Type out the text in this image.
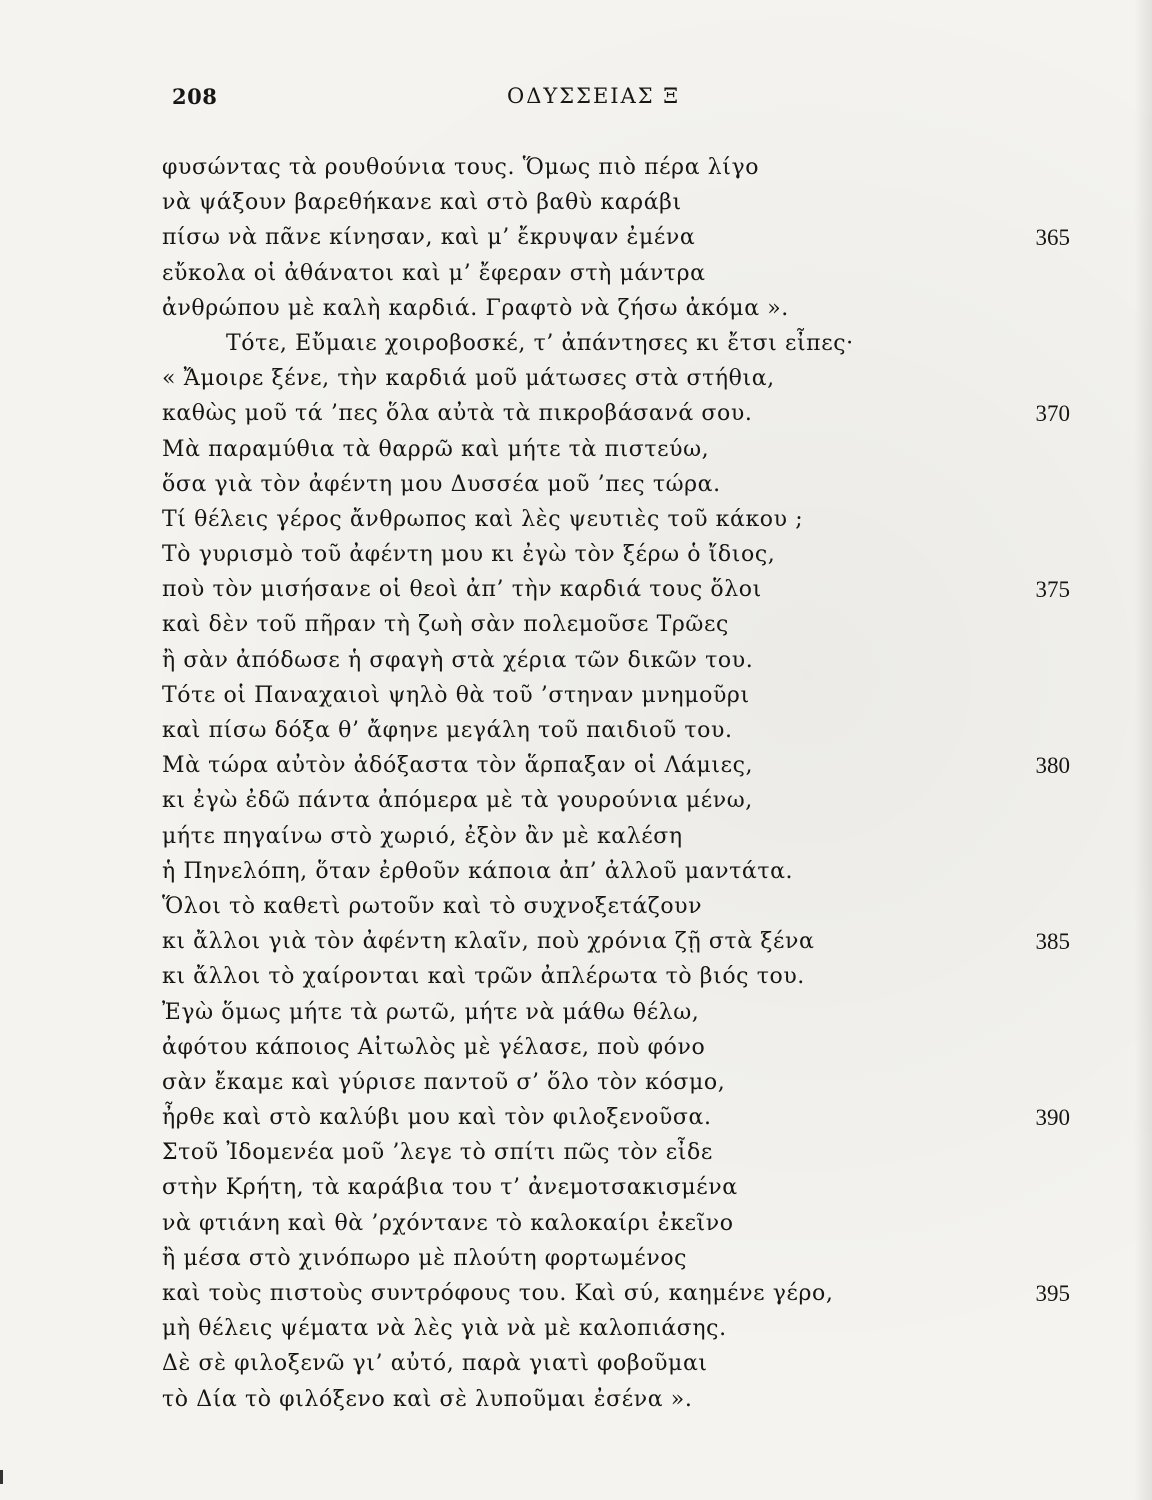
208	ΟΔΥΣΣΕΙΑΣ Ξ
φυσώντας τὰ ρουθούνια τους. Ὅμως πιὸ πέρα λίγο
νὰ ψάξουν βαρεθήκανε καὶ στὸ βαθὺ καράβι
πίσω νὰ πᾶνε κίνησαν, καὶ μ’ ἔκρυψαν ἐμένα	365
εὔκολα οἱ ἀθάνατοι καὶ μ’ ἔφεραν στὴ μάντρα
ἀνθρώπου μὲ καλὴ καρδιά. Γραφτὸ νὰ ζήσω ἀκόμα ».
Τότε, Εὔμαιε χοιροβοσκέ, τ’ ἀπάντησες κι ἔτσι εἶπες·
« Ἄμοιρε ξένε, τὴν καρδιά μοῦ μάτωσες στὰ στήθια,
καθὼς μοῦ τά ’πες ὅλα αὐτὰ τὰ πικροβάσανά σου.	370
Μὰ παραμύθια τὰ θαρρῶ καὶ μήτε τὰ πιστεύω,
ὅσα γιὰ τὸν ἀφέντη μου Δυσσέα μοῦ ’πες τώρα.
Τί θέλεις γέρος ἄνθρωπος καὶ λὲς ψευτιὲς τοῦ κάκου ;
Τὸ γυρισμὸ τοῦ ἀφέντη μου κι ἐγὼ τὸν ξέρω ὁ ἴδιος,
ποὺ τὸν μισήσανε οἱ θεοὶ ἀπ’ τὴν καρδιά τους ὅλοι	375
καὶ δὲν τοῦ πῆραν τὴ ζωὴ σὰν πολεμοῦσε Τρῶες
ἢ σὰν ἀπόδωσε ἡ σφαγὴ στὰ χέρια τῶν δικῶν του.
Τότε οἱ Παναχαιοὶ ψηλὸ θὰ τοῦ ’στηναν μνημοῦρι
καὶ πίσω δόξα θ’ ἄφηνε μεγάλη τοῦ παιδιοῦ του.
Μὰ τώρα αὐτὸν ἀδόξαστα τὸν ἅρπαξαν οἱ Λάμιες,	380
κι ἐγὼ ἐδῶ πάντα ἀπόμερα μὲ τὰ γουρούνια μένω,
μήτε πηγαίνω στὸ χωριό, ἐξὸν ἂν μὲ καλέση
ἡ Πηνελόπη, ὅταν ἐρθοῦν κάποια ἀπ’ ἀλλοῦ μαντάτα.
Ὅλοι τὸ καθετὶ ρωτοῦν καὶ τὸ συχνοξετάζουν
κι ἄλλοι γιὰ τὸν ἀφέντη κλαῖν, ποὺ χρόνια ζῇ στὰ ξένα	385
κι ἄλλοι τὸ χαίρονται καὶ τρῶν ἀπλέρωτα τὸ βιός του.
Ἐγὼ ὅμως μήτε τὰ ρωτῶ, μήτε νὰ μάθω θέλω,
ἀφότου κάποιος Αἰτωλὸς μὲ γέλασε, ποὺ φόνο
σὰν ἔκαμε καὶ γύρισε παντοῦ σ’ ὅλο τὸν κόσμο,
ἦρθε καὶ στὸ καλύβι μου καὶ τὸν φιλοξενοῦσα.	390
Στοῦ Ἰδομενέα μοῦ ’λεγε τὸ σπίτι πῶς τὸν εἶδε
στὴν Κρήτη, τὰ καράβια του τ’ ἀνεμοτσακισμένα
νὰ φτιάνη καὶ θὰ ’ρχόντανε τὸ καλοκαίρι ἐκεῖνο
ἢ μέσα στὸ χινόπωρο μὲ πλούτη φορτωμένος
καὶ τοὺς πιστοὺς συντρόφους του. Καὶ σύ, καημένε γέρο,	395
μὴ θέλεις ψέματα νὰ λὲς γιὰ νὰ μὲ καλοπιάσης.
Δὲ σὲ φιλοξενῶ γι’ αὐτό, παρὰ γιατὶ φοβοῦμαι
τὸ Δία τὸ φιλόξενο καὶ σὲ λυποῦμαι ἐσένα ».
